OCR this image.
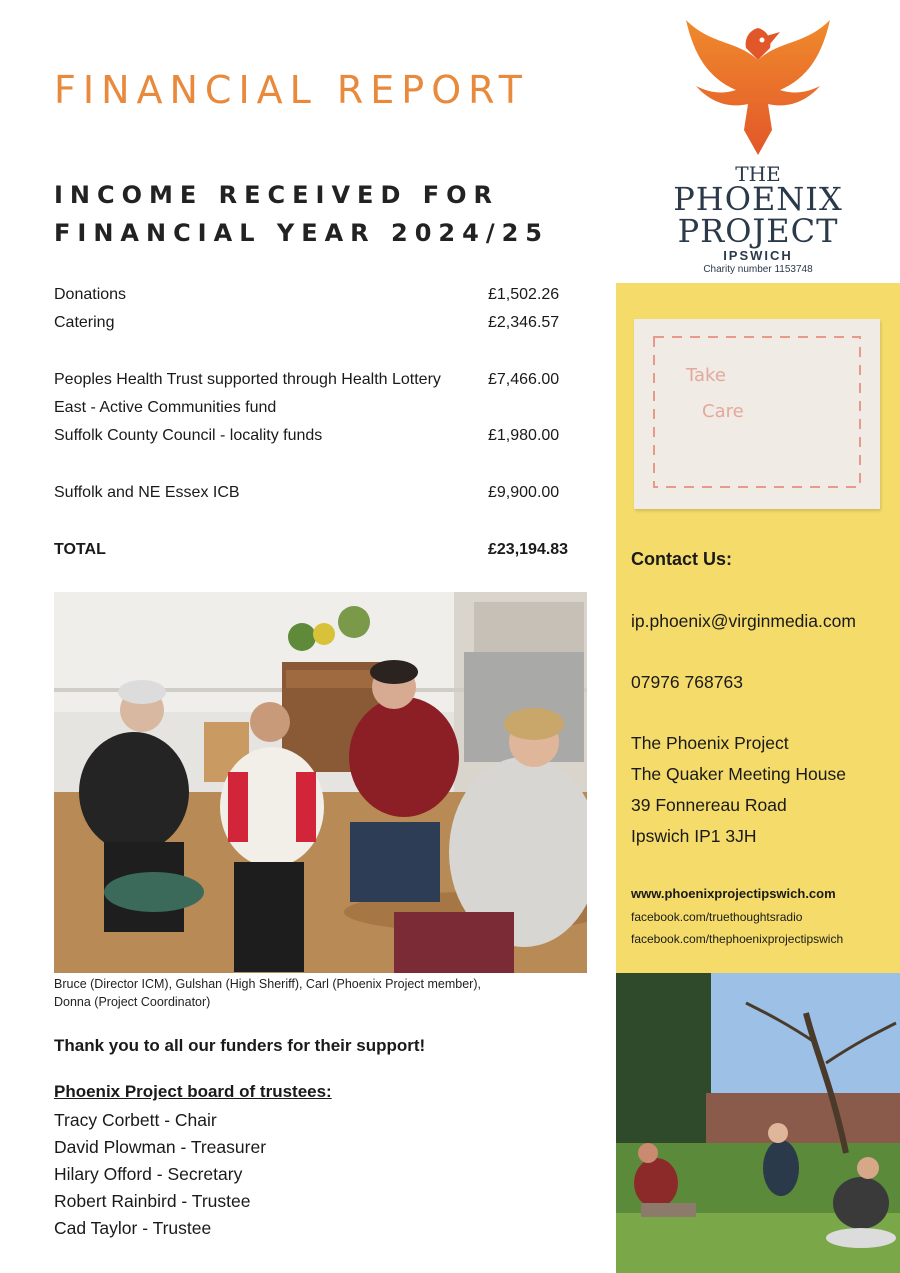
FINANCIAL REPORT
INCOME RECEIVED FOR
FINANCIAL YEAR 2024/25
Donations	£1,502.26
Catering	£2,346.57
Peoples Health Trust supported through Health Lottery	£7,466.00
East - Active Communities fund
Suffolk County Council - locality funds	£1,980.00
Suffolk and NE Essex ICB	£9,900.00
TOTAL	£23,194.83
Bruce (Director ICM), Gulshan (High Sheriff), Carl (Phoenix Project member),
Donna (Project Coordinator)
Thank you to all our funders for their support!
Phoenix Project board of trustees:
Tracy Corbett - Chair
David Plowman - Treasurer
Hilary Offord - Secretary
Robert Rainbird - Trustee
Cad Taylor - Trustee
THE
PHOENIX
PROJECT
IPSWICH
Charity number 1153748
Take
Care
Contact Us:
ip.phoenix@virginmedia.com
07976 768763
The Phoenix Project
The Quaker Meeting House
39 Fonnereau Road
Ipswich IP1 3JH
www.phoenixprojectipswich.com
facebook.com/truethoughtsradio
facebook.com/thephoenixprojectipswich
